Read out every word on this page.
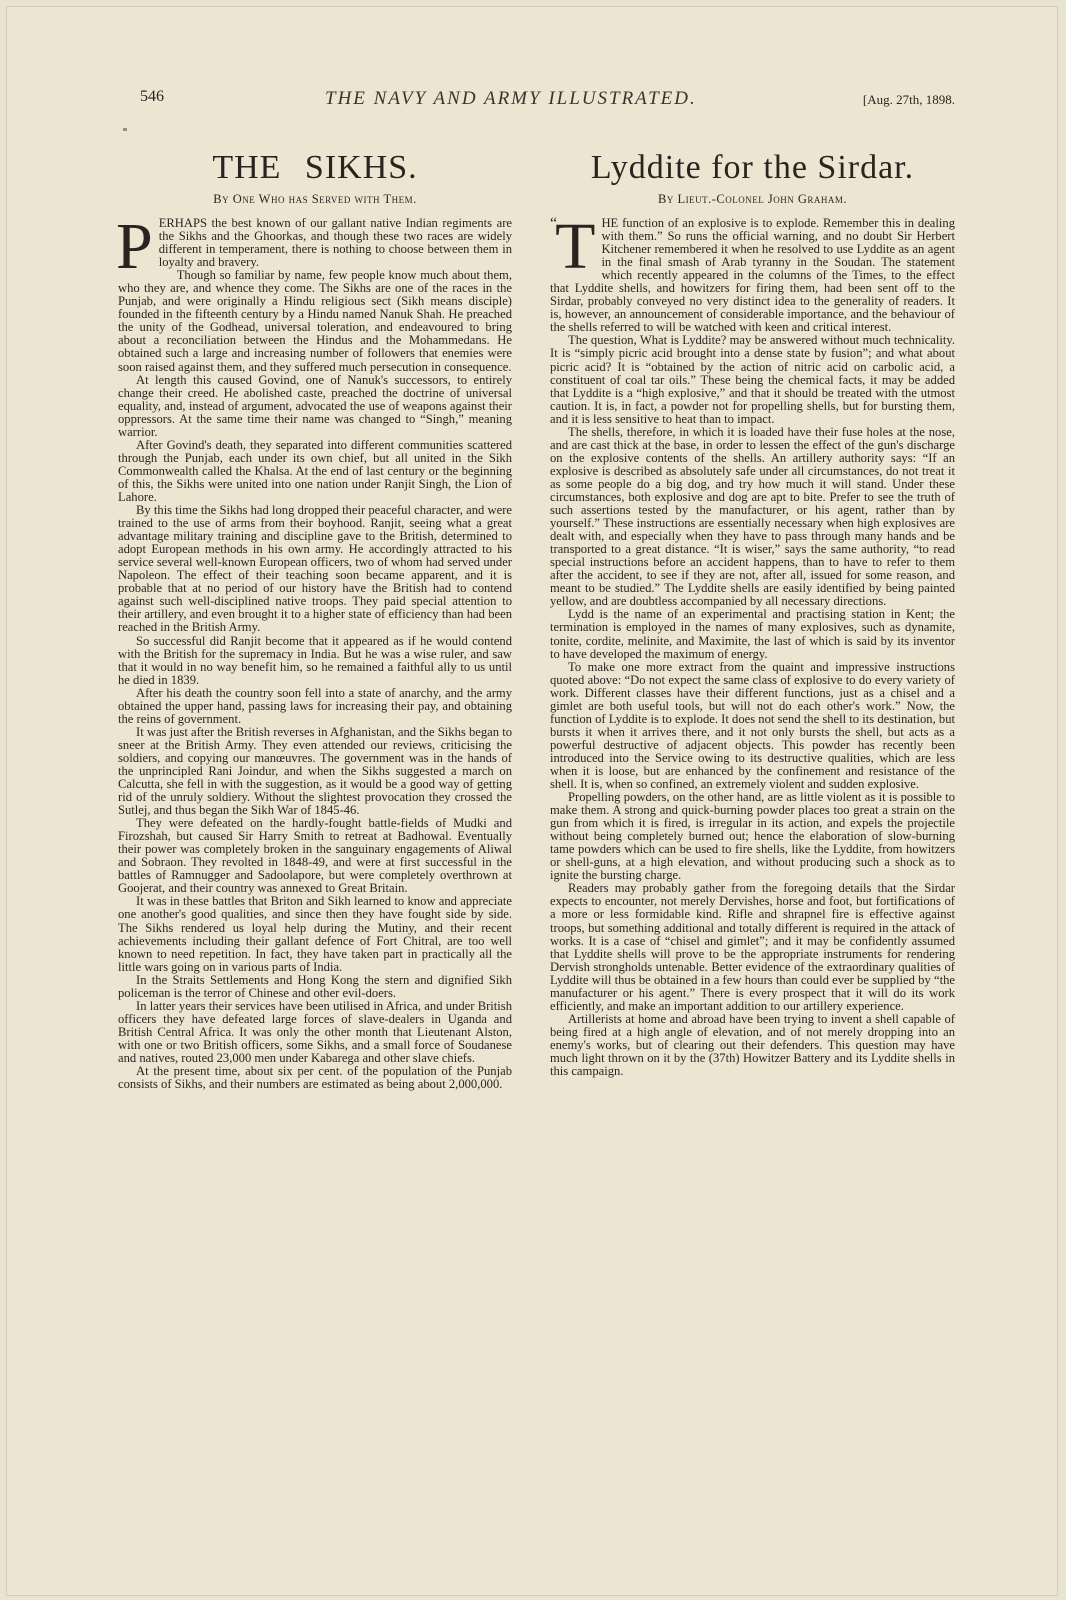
546	THE NAVY AND ARMY ILLUSTRATED.	[Aug. 27th, 1898.
THE SIKHS.
By One Who has Served with Them.
P ERHAPS the best known of our gallant native Indian regiments are the Sikhs and the Ghoorkas, and though these two races are widely different in temperament, there is nothing to choose between them in loyalty and bravery.

Though so familiar by name, few people know much about them, who they are, and whence they come. The Sikhs are one of the races in the Punjab, and were originally a Hindu religious sect (Sikh means disciple) founded in the fifteenth century by a Hindu named Nanuk Shah. He preached the unity of the Godhead, universal toleration, and endeavoured to bring about a reconciliation between the Hindus and the Mohammedans. He obtained such a large and increasing number of followers that enemies were soon raised against them, and they suffered much persecution in consequence.

At length this caused Govind, one of Nanuk's successors, to entirely change their creed. He abolished caste, preached the doctrine of universal equality, and, instead of argument, advocated the use of weapons against their oppressors. At the same time their name was changed to “Singh,” meaning warrior.

After Govind's death, they separated into different communities scattered through the Punjab, each under its own chief, but all united in the Sikh Commonwealth called the Khalsa. At the end of last century or the beginning of this, the Sikhs were united into one nation under Ranjit Singh, the Lion of Lahore.

By this time the Sikhs had long dropped their peaceful character, and were trained to the use of arms from their boyhood. Ranjit, seeing what a great advantage military training and discipline gave to the British, determined to adopt European methods in his own army. He accordingly attracted to his service several well-known European officers, two of whom had served under Napoleon. The effect of their teaching soon became apparent, and it is probable that at no period of our history have the British had to contend against such well-disciplined native troops. They paid special attention to their artillery, and even brought it to a higher state of efficiency than had been reached in the British Army.

So successful did Ranjit become that it appeared as if he would contend with the British for the supremacy in India. But he was a wise ruler, and saw that it would in no way benefit him, so he remained a faithful ally to us until he died in 1839.

After his death the country soon fell into a state of anarchy, and the army obtained the upper hand, passing laws for increasing their pay, and obtaining the reins of government.

It was just after the British reverses in Afghanistan, and the Sikhs began to sneer at the British Army. They even attended our reviews, criticising the soldiers, and copying our manœuvres. The government was in the hands of the unprincipled Rani Joindur, and when the Sikhs suggested a march on Calcutta, she fell in with the suggestion, as it would be a good way of getting rid of the unruly soldiery. Without the slightest provocation they crossed the Sutlej, and thus began the Sikh War of 1845-46.

They were defeated on the hardly-fought battle-fields of Mudki and Firozshah, but caused Sir Harry Smith to retreat at Badhowal. Eventually their power was completely broken in the sanguinary engagements of Aliwal and Sobraon. They revolted in 1848-49, and were at first successful in the battles of Ramnugger and Sadoolapore, but were completely overthrown at Goojerat, and their country was annexed to Great Britain.

It was in these battles that Briton and Sikh learned to know and appreciate one another's good qualities, and since then they have fought side by side. The Sikhs rendered us loyal help during the Mutiny, and their recent achievements including their gallant defence of Fort Chitral, are too well known to need repetition. In fact, they have taken part in practically all the little wars going on in various parts of India.

In the Straits Settlements and Hong Kong the stern and dignified Sikh policeman is the terror of Chinese and other evil-doers.

In latter years their services have been utilised in Africa, and under British officers they have defeated large forces of slave-dealers in Uganda and British Central Africa. It was only the other month that Lieutenant Alston, with one or two British officers, some Sikhs, and a small force of Soudanese and natives, routed 23,000 men under Kabarega and other slave chiefs.

At the present time, about six per cent. of the population of the Punjab consists of Sikhs, and their numbers are estimated as being about 2,000,000.

Lyddite for the Sirdar.
By Lieut.-Colonel John Graham.
“
T HE function of an explosive is to explode. Remember this in dealing with them.” So runs the official warning, and no doubt Sir Herbert Kitchener remembered it when he resolved to use Lyddite as an agent in the final smash of Arab tyranny in the Soudan. The statement which recently appeared in the columns of the Times, to the effect that Lyddite shells, and howitzers for firing them, had been sent off to the Sirdar, probably conveyed no very distinct idea to the generality of readers. It is, however, an announcement of considerable importance, and the behaviour of the shells referred to will be watched with keen and critical interest.

The question, What is Lyddite? may be answered without much technicality. It is “simply picric acid brought into a dense state by fusion”; and what about picric acid? It is “obtained by the action of nitric acid on carbolic acid, a constituent of coal tar oils.” These being the chemical facts, it may be added that Lyddite is a “high explosive,” and that it should be treated with the utmost caution. It is, in fact, a powder not for propelling shells, but for bursting them, and it is less sensitive to heat than to impact.

The shells, therefore, in which it is loaded have their fuse holes at the nose, and are cast thick at the base, in order to lessen the effect of the gun's discharge on the explosive contents of the shells. An artillery authority says: “If an explosive is described as absolutely safe under all circumstances, do not treat it as some people do a big dog, and try how much it will stand. Under these circumstances, both explosive and dog are apt to bite. Prefer to see the truth of such assertions tested by the manufacturer, or his agent, rather than by yourself.” These instructions are essentially necessary when high explosives are dealt with, and especially when they have to pass through many hands and be transported to a great distance. “It is wiser,” says the same authority, “to read special instructions before an accident happens, than to have to refer to them after the accident, to see if they are not, after all, issued for some reason, and meant to be studied.” The Lyddite shells are easily identified by being painted yellow, and are doubtless accompanied by all necessary directions.

Lydd is the name of an experimental and practising station in Kent; the termination is employed in the names of many explosives, such as dynamite, tonite, cordite, melinite, and Maximite, the last of which is said by its inventor to have developed the maximum of energy.

To make one more extract from the quaint and impressive instructions quoted above: “Do not expect the same class of explosive to do every variety of work. Different classes have their different functions, just as a chisel and a gimlet are both useful tools, but will not do each other's work.” Now, the function of Lyddite is to explode. It does not send the shell to its destination, but bursts it when it arrives there, and it not only bursts the shell, but acts as a powerful destructive of adjacent objects. This powder has recently been introduced into the Service owing to its destructive qualities, which are less when it is loose, but are enhanced by the confinement and resistance of the shell. It is, when so confined, an extremely violent and sudden explosive.

Propelling powders, on the other hand, are as little violent as it is possible to make them. A strong and quick-burning powder places too great a strain on the gun from which it is fired, is irregular in its action, and expels the projectile without being completely burned out; hence the elaboration of slow-burning tame powders which can be used to fire shells, like the Lyddite, from howitzers or shell-guns, at a high elevation, and without producing such a shock as to ignite the bursting charge.

Readers may probably gather from the foregoing details that the Sirdar expects to encounter, not merely Dervishes, horse and foot, but fortifications of a more or less formidable kind. Rifle and shrapnel fire is effective against troops, but something additional and totally different is required in the attack of works. It is a case of “chisel and gimlet”; and it may be confidently assumed that Lyddite shells will prove to be the appropriate instruments for rendering Dervish strongholds untenable. Better evidence of the extraordinary qualities of Lyddite will thus be obtained in a few hours than could ever be supplied by “the manufacturer or his agent.” There is every prospect that it will do its work efficiently, and make an important addition to our artillery experience.

Artillerists at home and abroad have been trying to invent a shell capable of being fired at a high angle of elevation, and of not merely dropping into an enemy's works, but of clearing out their defenders. This question may have much light thrown on it by the (37th) Howitzer Battery and its Lyddite shells in this campaign.
